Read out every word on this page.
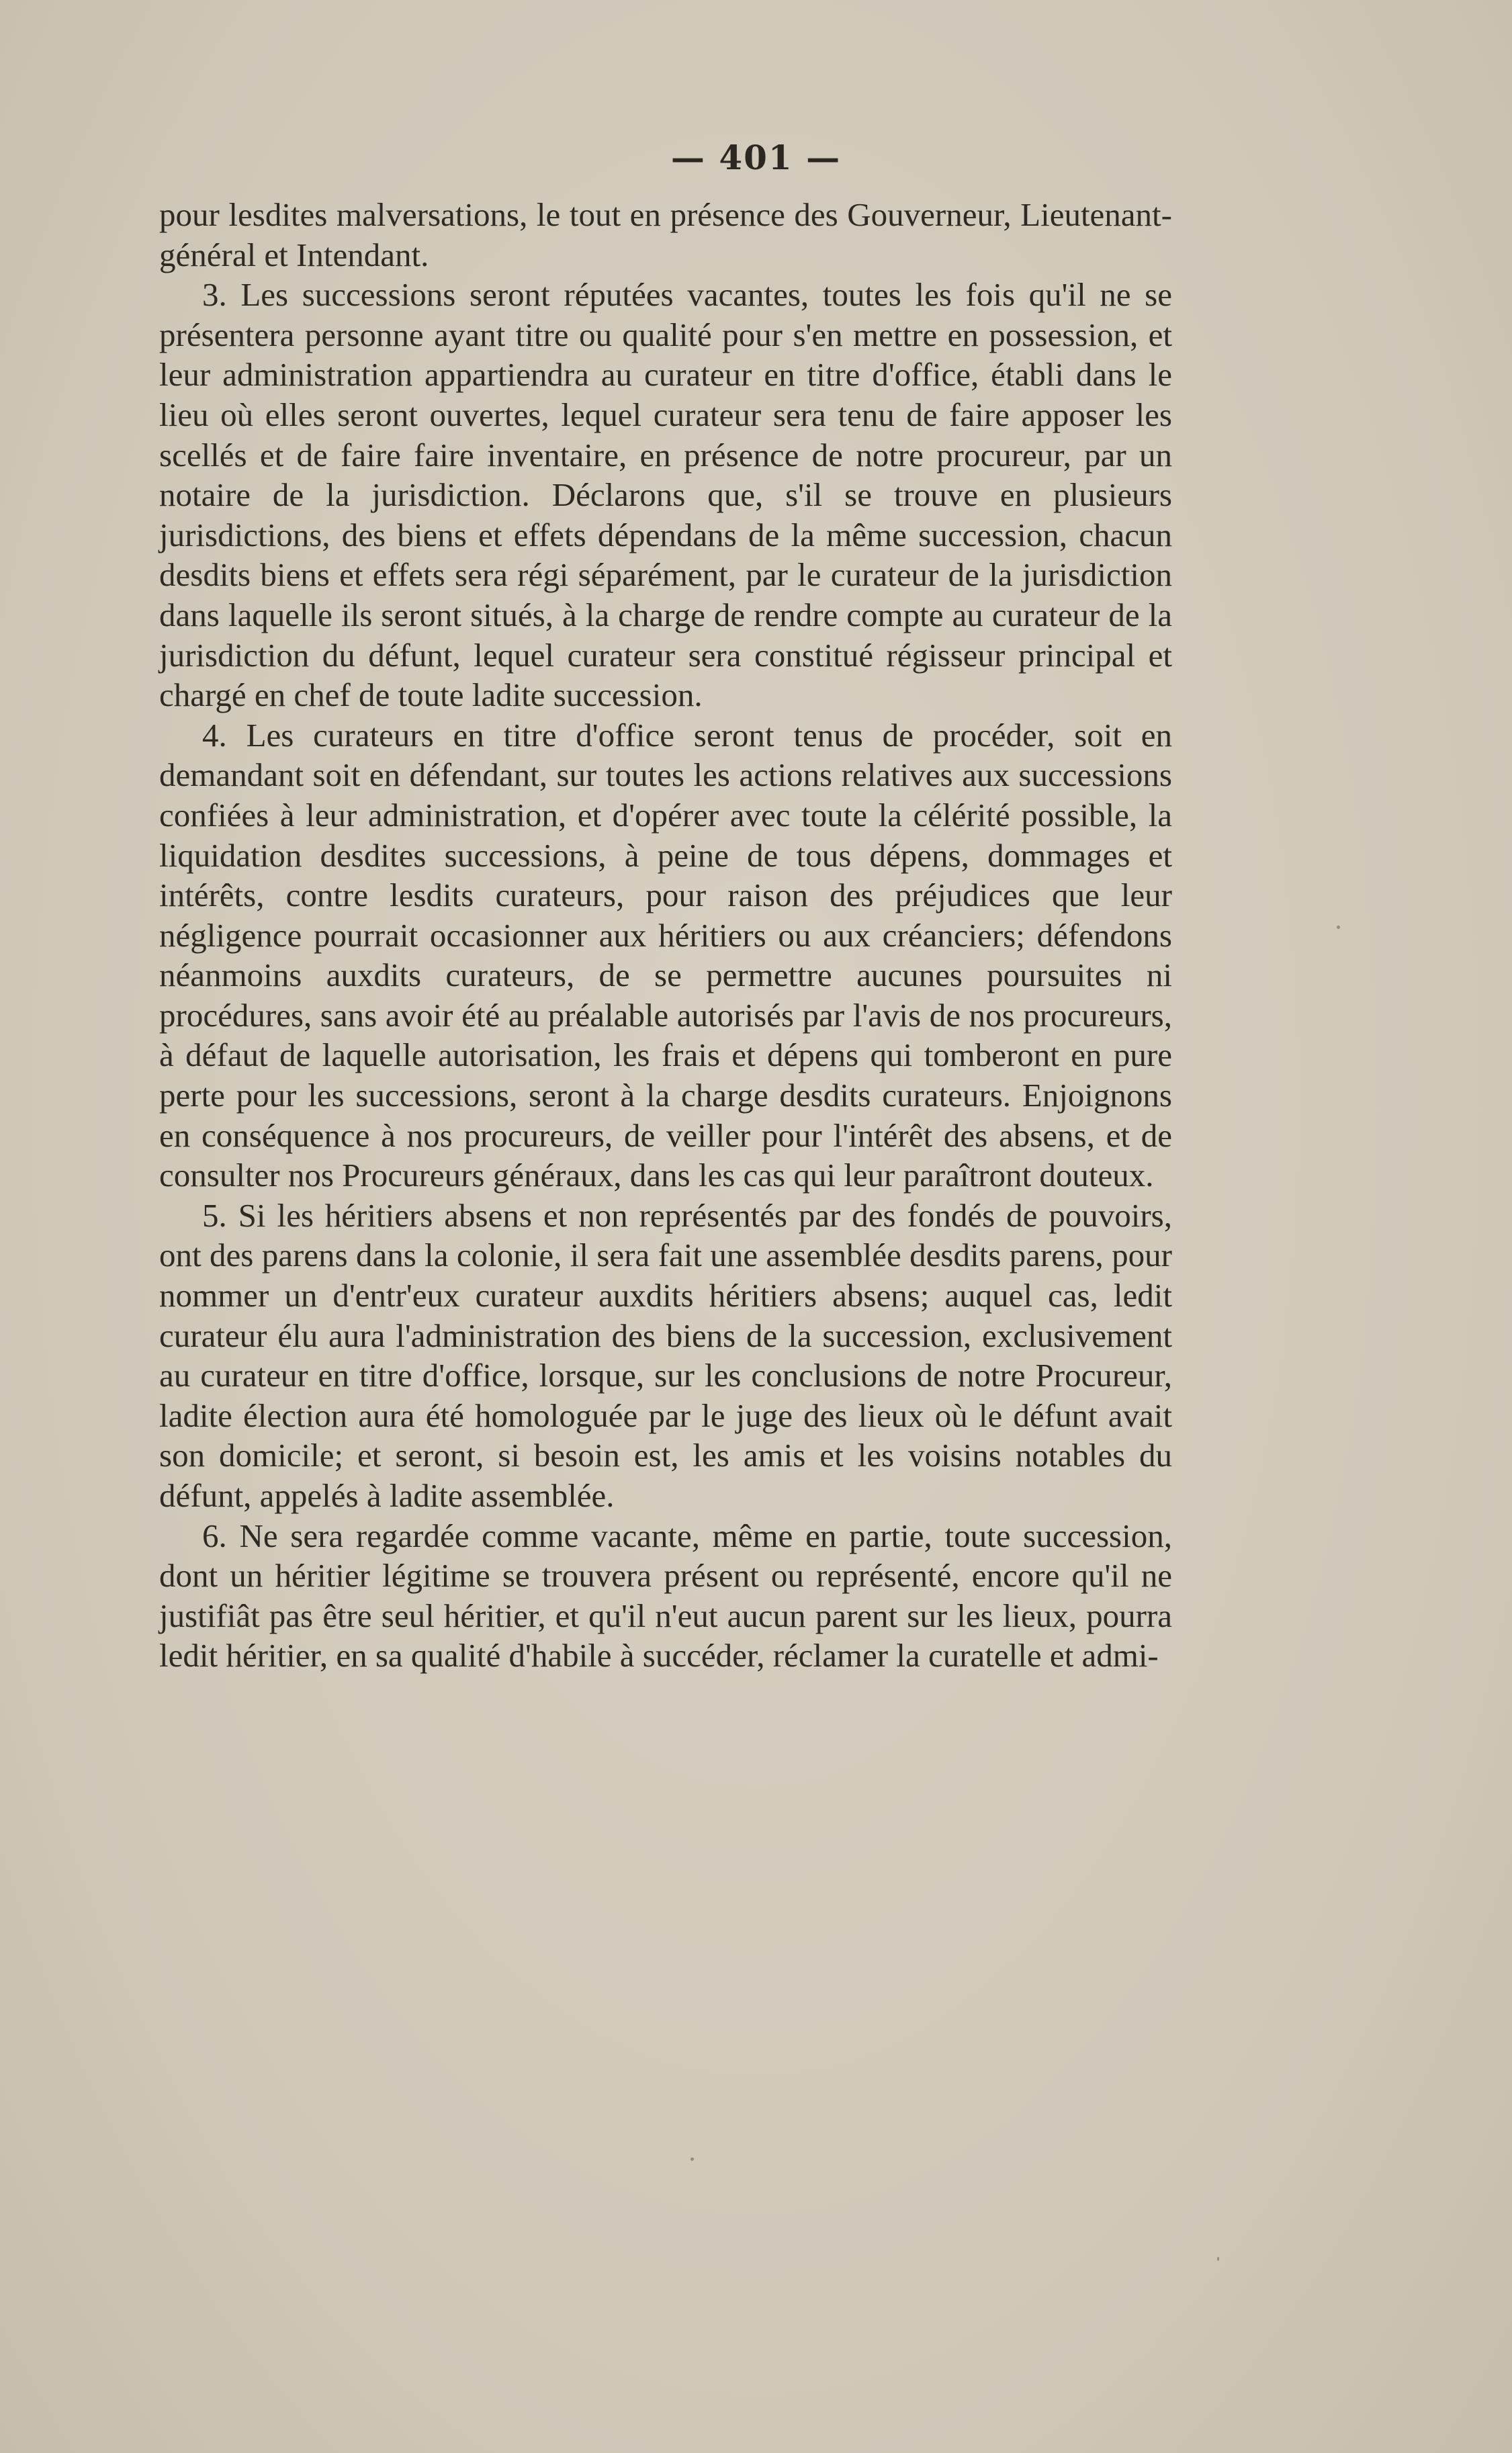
— 401 —

pour lesdites malversations, le tout en présence des Gouverneur, Lieutenant-général et Intendant.

3. Les successions seront réputées vacantes, toutes les fois qu'il ne se présentera personne ayant titre ou qualité pour s'en mettre en possession, et leur administration appartiendra au curateur en titre d'office, établi dans le lieu où elles seront ouvertes, lequel curateur sera tenu de faire apposer les scellés et de faire faire inventaire, en présence de notre procureur, par un notaire de la jurisdiction. Déclarons que, s'il se trouve en plusieurs jurisdictions, des biens et effets dépendans de la même succession, chacun desdits biens et effets sera régi séparément, par le curateur de la jurisdiction dans laquelle ils seront situés, à la charge de rendre compte au curateur de la jurisdiction du défunt, lequel curateur sera constitué régisseur principal et chargé en chef de toute ladite succession.

4. Les curateurs en titre d'office seront tenus de procéder, soit en demandant soit en défendant, sur toutes les actions relatives aux successions confiées à leur administration, et d'opérer avec toute la célérité possible, la liquidation desdites successions, à peine de tous dépens, dommages et intérêts, contre lesdits curateurs, pour raison des préjudices que leur négligence pourrait occasionner aux héritiers ou aux créanciers; défendons néanmoins auxdits curateurs, de se permettre aucunes poursuites ni procédures, sans avoir été au préalable autorisés par l'avis de nos procureurs, à défaut de laquelle autorisation, les frais et dépens qui tomberont en pure perte pour les successions, seront à la charge desdits curateurs. Enjoignons en conséquence à nos procureurs, de veiller pour l'intérêt des absens, et de consulter nos Procureurs généraux, dans les cas qui leur paraîtront douteux.

5. Si les héritiers absens et non représentés par des fondés de pouvoirs, ont des parens dans la colonie, il sera fait une assemblée desdits parens, pour nommer un d'entr'eux curateur auxdits héritiers absens; auquel cas, ledit curateur élu aura l'administration des biens de la succession, exclusivement au curateur en titre d'office, lorsque, sur les conclusions de notre Procureur, ladite élection aura été homologuée par le juge des lieux où le défunt avait son domicile; et seront, si besoin est, les amis et les voisins notables du défunt, appelés à ladite assemblée.

6. Ne sera regardée comme vacante, même en partie, toute succession, dont un héritier légitime se trouvera présent ou représenté, encore qu'il ne justifiât pas être seul héritier, et qu'il n'eut aucun parent sur les lieux, pourra ledit héritier, en sa qualité d'habile à succéder, réclamer la curatelle et admi-
